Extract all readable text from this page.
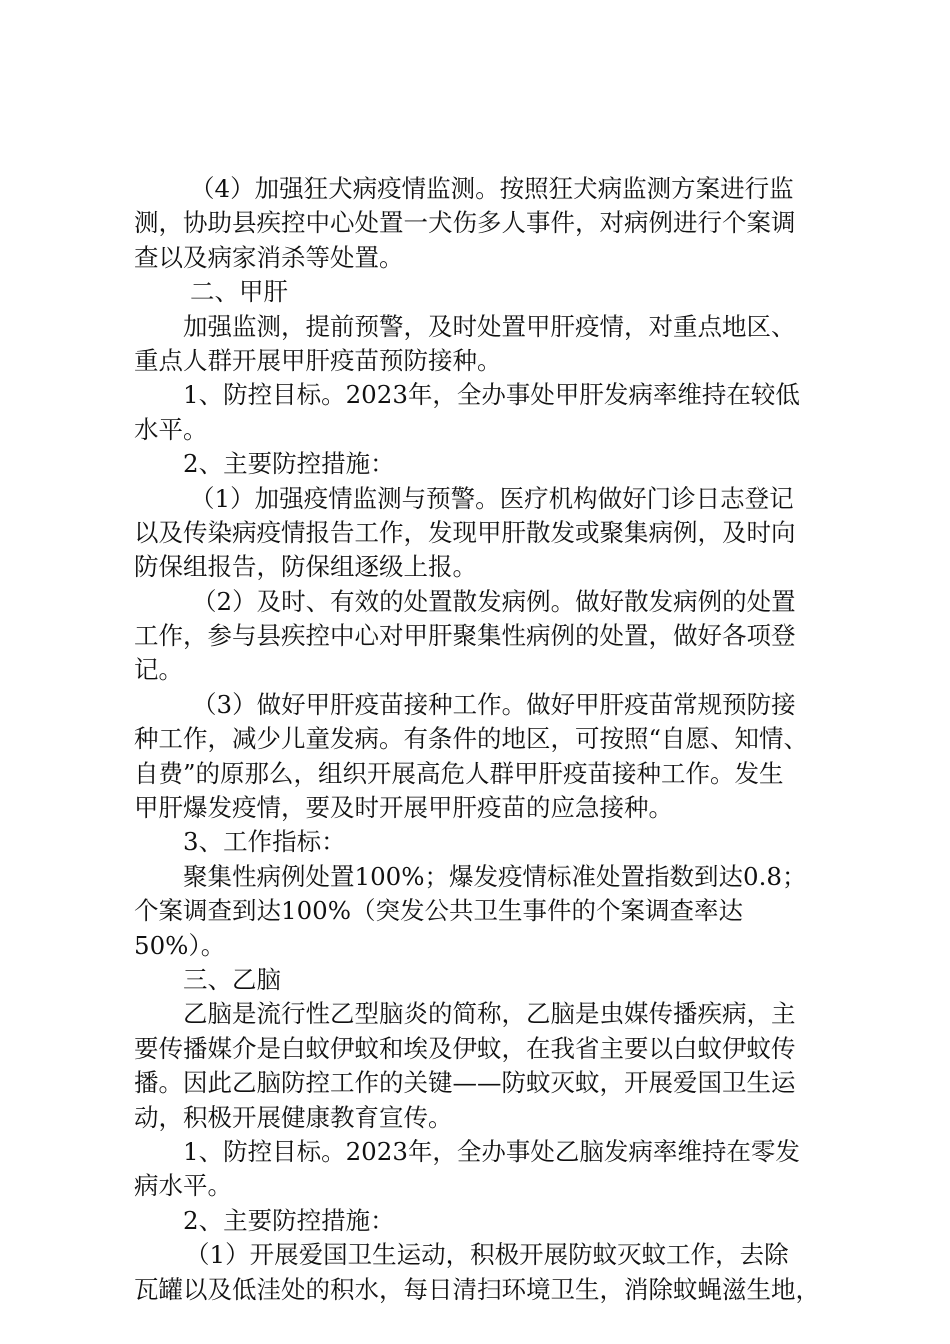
（4）加强狂犬病疫情监测。按照狂犬病监测方案进行监
测，协助县疾控中心处置一犬伤多人事件，对病例进行个案调
查以及病家消杀等处置。
二、甲肝
加强监测，提前预警，及时处置甲肝疫情，对重点地区、
重点人群开展甲肝疫苗预防接种。
1、防控目标。2023年，全办事处甲肝发病率维持在较低
水平。
2、主要防控措施：
（1）加强疫情监测与预警。医疗机构做好门诊日志登记
以及传染病疫情报告工作，发现甲肝散发或聚集病例，及时向
防保组报告，防保组逐级上报。
（2）及时、有效的处置散发病例。做好散发病例的处置
工作，参与县疾控中心对甲肝聚集性病例的处置，做好各项登
记。
（3）做好甲肝疫苗接种工作。做好甲肝疫苗常规预防接
种工作，减少儿童发病。有条件的地区，可按照“自愿、知情、
自费”的原那么，组织开展高危人群甲肝疫苗接种工作。发生
甲肝爆发疫情，要及时开展甲肝疫苗的应急接种。
3、工作指标：
聚集性病例处置100%；爆发疫情标准处置指数到达0.8；
个案调查到达100%（突发公共卫生事件的个案调查率达
50%）。
三、乙脑
乙脑是流行性乙型脑炎的简称，乙脑是虫媒传播疾病，主
要传播媒介是白蚊伊蚊和埃及伊蚊，在我省主要以白蚊伊蚊传
播。因此乙脑防控工作的关键——防蚊灭蚊，开展爱国卫生运
动，积极开展健康教育宣传。
1、防控目标。2023年，全办事处乙脑发病率维持在零发
病水平。
2、主要防控措施：
（1）开展爱国卫生运动，积极开展防蚊灭蚊工作，去除
瓦罐以及低洼处的积水，每日清扫环境卫生，消除蚊蝇滋生地，
